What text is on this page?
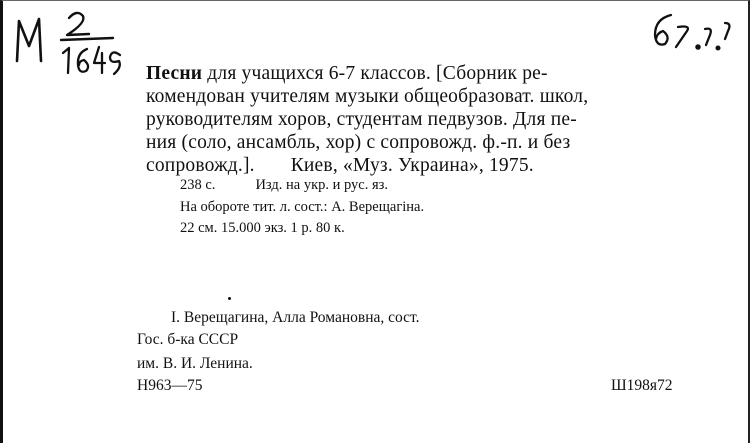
Песни для учащихся 6-7 классов. [Сборник ре-
комендован учителям музыки общеобразоват. школ,
руководителям хоров, студентам педвузов. Для пе-
ния (соло, ансамбль, хор) с сопровожд. ф.-п. и без
сопровожд.]. Киев, «Муз. Украина», 1975.
238 с.	Изд. на укр. и рус. яз.
На обороте тит. л. сост.: А. Верещагіна.
22 см. 15.000 экз. 1 р. 80 к.
I. Верещагина, Алла Романовна, сост.
Гос. б-ка СССР
им. В. И. Ленина.
Н963—75	Ш198я72
